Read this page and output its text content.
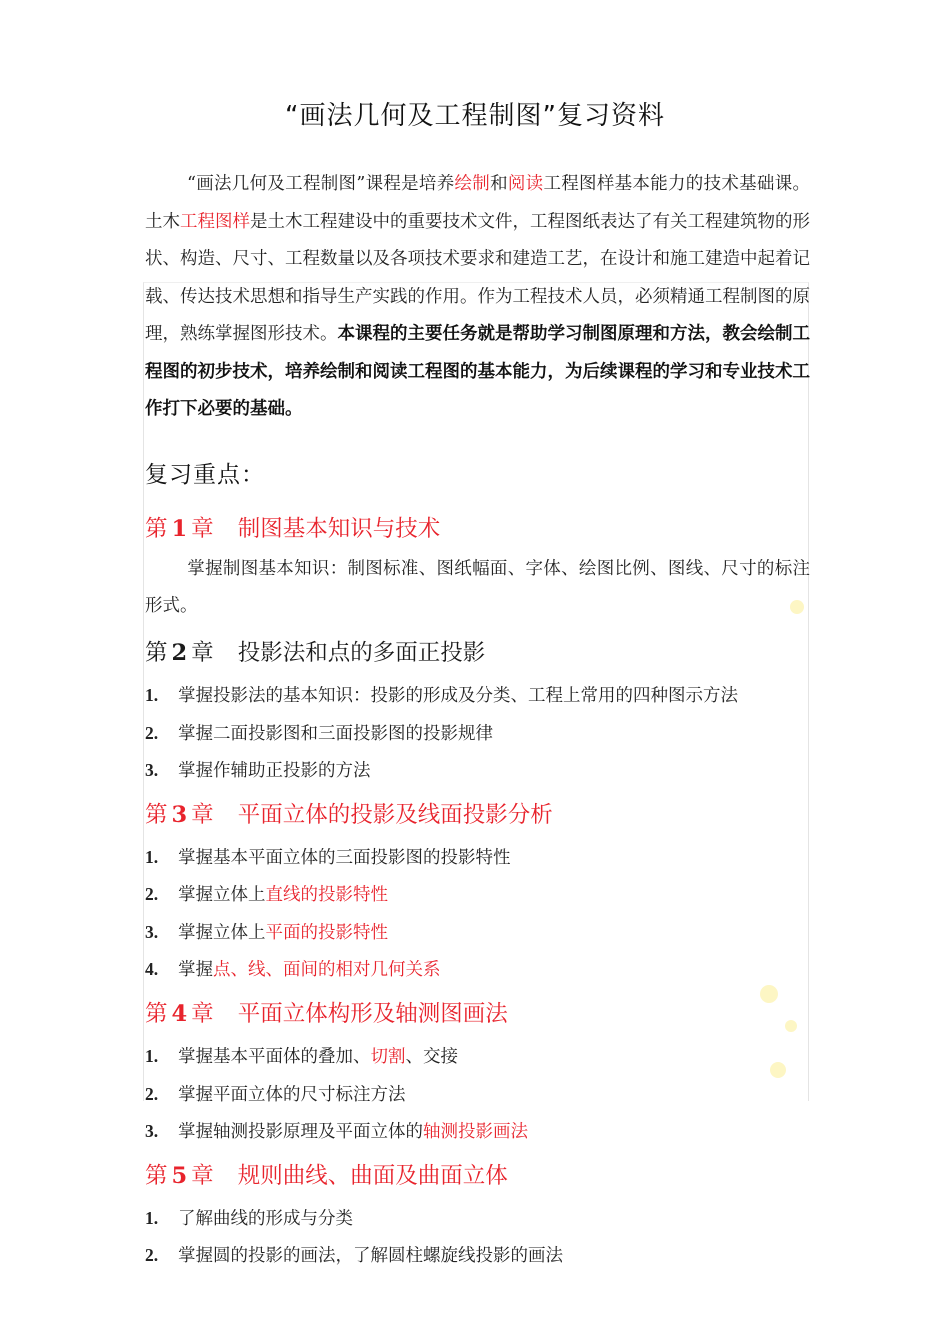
“画法几何及工程制图”复习资料
“画法几何及工程制图”课程是培养绘制和阅读工程图样基本能力的技术基础课。土木工程图样是土木工程建设中的重要技术文件，工程图纸表达了有关工程建筑物的形状、构造、尺寸、工程数量以及各项技术要求和建造工艺，在设计和施工建造中起着记载、传达技术思想和指导生产实践的作用。作为工程技术人员，必须精通工程制图的原理，熟练掌握图形技术。本课程的主要任务就是帮助学习制图原理和方法，教会绘制工程图的初步技术，培养绘制和阅读工程图的基本能力，为后续课程的学习和专业技术工作打下必要的基础。
复习重点：
第 1 章 制图基本知识与技术
掌握制图基本知识：制图标准、图纸幅面、字体、绘图比例、图线、尺寸的标注形式。
第 2 章 投影法和点的多面正投影
1. 掌握投影法的基本知识：投影的形成及分类、工程上常用的四种图示方法
2. 掌握二面投影图和三面投影图的投影规律
3. 掌握作辅助正投影的方法
第 3 章 平面立体的投影及线面投影分析
1. 掌握基本平面立体的三面投影图的投影特性
2. 掌握立体上直线的投影特性
3. 掌握立体上平面的投影特性
4. 掌握点、线、面间的相对几何关系
第 4 章 平面立体构形及轴测图画法
1. 掌握基本平面体的叠加、切割、交接
2. 掌握平面立体的尺寸标注方法
3. 掌握轴测投影原理及平面立体的轴测投影画法
第 5 章 规则曲线、曲面及曲面立体
1. 了解曲线的形成与分类
2. 掌握圆的投影的画法，了解圆柱螺旋线投影的画法
